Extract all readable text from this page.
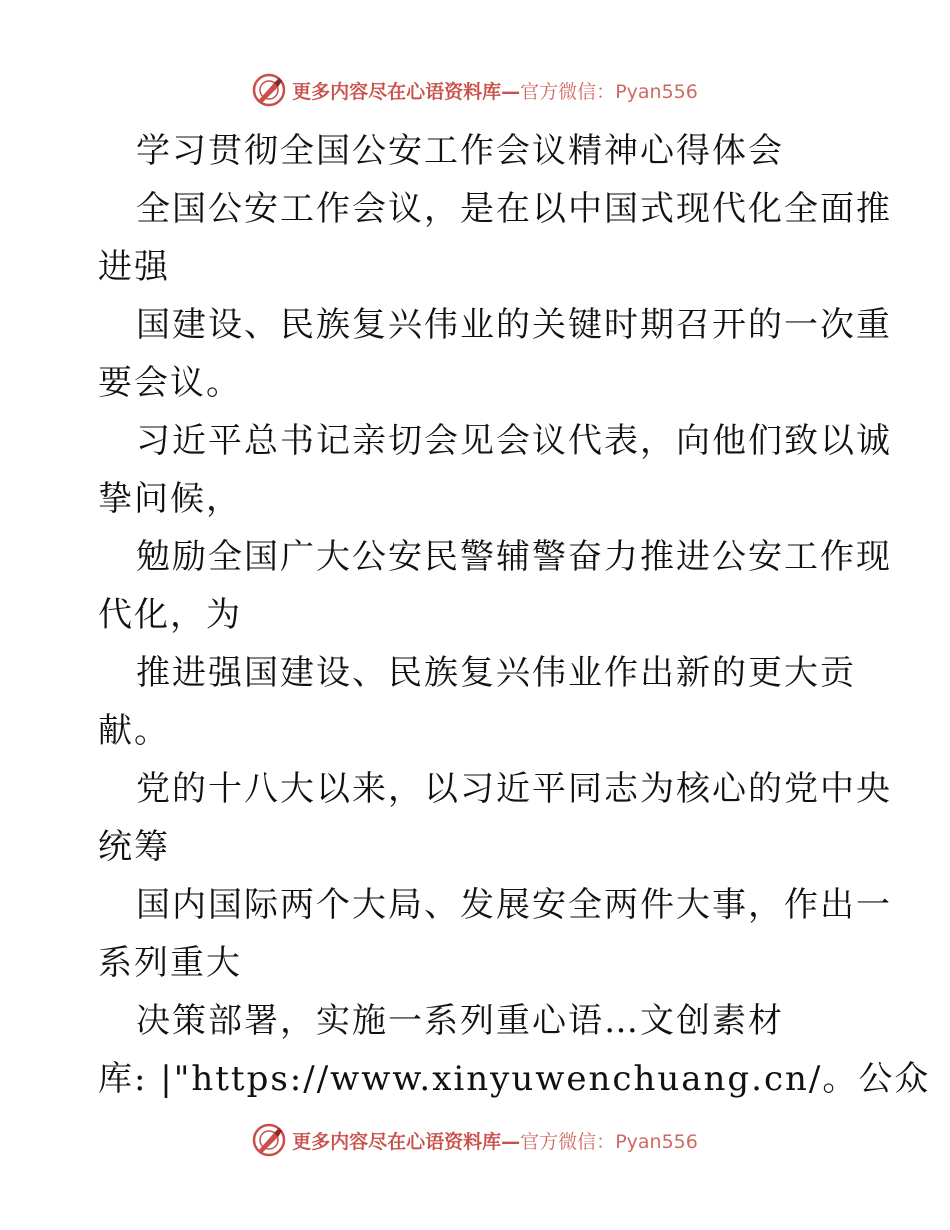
更多内容尽在心语资料库—官方微信：Pyan556
学习贯彻全国公安工作会议精神心得体会
全国公安工作会议，是在以中国式现代化全面推
进强
国建设、民族复兴伟业的关键时期召开的一次重
要会议。
习近平总书记亲切会见会议代表，向他们致以诚
挚问候，
勉励全国广大公安民警辅警奋力推进公安工作现
代化，为
推进强国建设、民族复兴伟业作出新的更大贡
献。
党的十八大以来，以习近平同志为核心的党中央
统筹
国内国际两个大局、发展安全两件大事，作出一
系列重大
决策部署，实施一系列重心语…文创素材
库: |"https://www.xinyuwenchuang.cn/。公众
更多内容尽在心语资料库—官方微信：Pyan556
